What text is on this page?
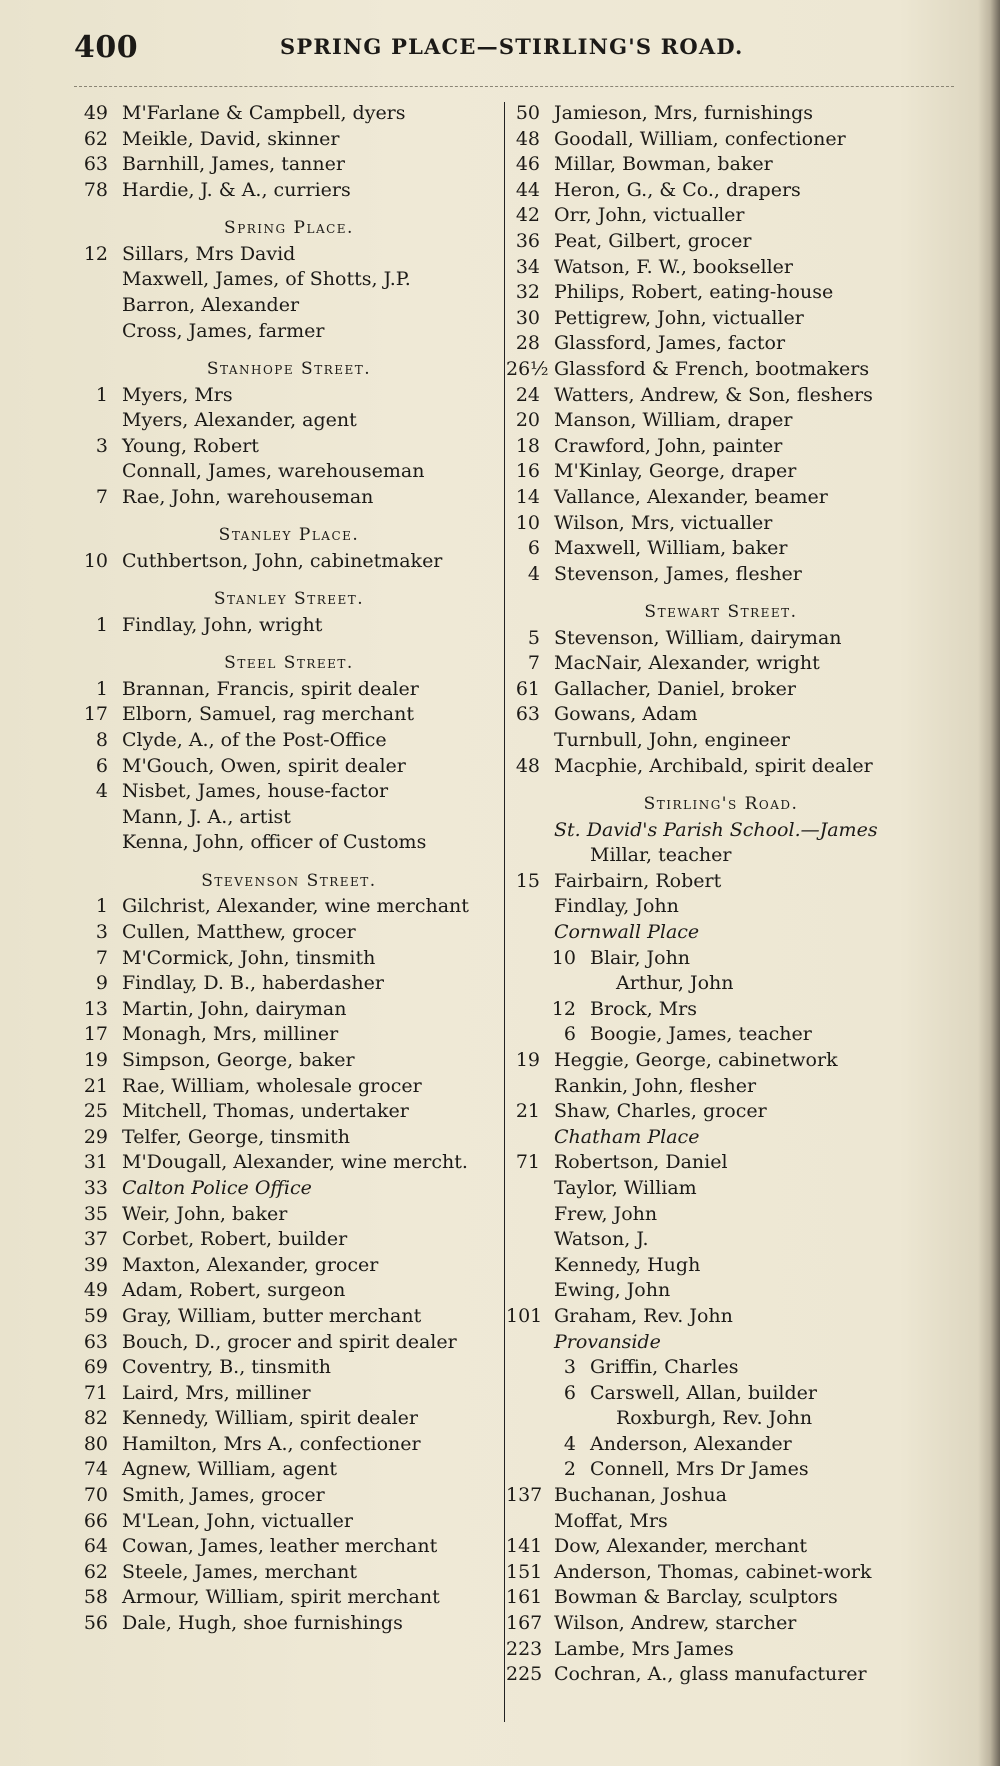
400	SPRING PLACE—STIRLING'S ROAD.
49 M'Farlane & Campbell, dyers
62 Meikle, David, skinner
63 Barnhill, James, tanner
78 Hardie, J. & A., curriers
Spring Place.
12 Sillars, Mrs David
Maxwell, James, of Shotts, J.P.
Barron, Alexander
Cross, James, farmer
Stanhope Street.
1 Myers, Mrs
Myers, Alexander, agent
3 Young, Robert
Connall, James, warehouseman
7 Rae, John, warehouseman
Stanley Place.
10 Cuthbertson, John, cabinetmaker
Stanley Street.
1 Findlay, John, wright
Steel Street.
1 Brannan, Francis, spirit dealer
17 Elborn, Samuel, rag merchant
8 Clyde, A., of the Post-Office
6 M'Gouch, Owen, spirit dealer
4 Nisbet, James, house-factor
Mann, J. A., artist
Kenna, John, officer of Customs
Stevenson Street.
1 Gilchrist, Alexander, wine merchant
3 Cullen, Matthew, grocer
7 M'Cormick, John, tinsmith
9 Findlay, D. B., haberdasher
13 Martin, John, dairyman
17 Monagh, Mrs, milliner
19 Simpson, George, baker
21 Rae, William, wholesale grocer
25 Mitchell, Thomas, undertaker
29 Telfer, George, tinsmith
31 M'Dougall, Alexander, wine mercht.
33 Calton Police Office
35 Weir, John, baker
37 Corbet, Robert, builder
39 Maxton, Alexander, grocer
49 Adam, Robert, surgeon
59 Gray, William, butter merchant
63 Bouch, D., grocer and spirit dealer
69 Coventry, B., tinsmith
71 Laird, Mrs, milliner
82 Kennedy, William, spirit dealer
80 Hamilton, Mrs A., confectioner
74 Agnew, William, agent
70 Smith, James, grocer
66 M'Lean, John, victualler
64 Cowan, James, leather merchant
62 Steele, James, merchant
58 Armour, William, spirit merchant
56 Dale, Hugh, shoe furnishings
50 Jamieson, Mrs, furnishings
48 Goodall, William, confectioner
46 Millar, Bowman, baker
44 Heron, G., & Co., drapers
42 Orr, John, victualler
36 Peat, Gilbert, grocer
34 Watson, F. W., bookseller
32 Philips, Robert, eating-house
30 Pettigrew, John, victualler
28 Glassford, James, factor
26½ Glassford & French, bootmakers
24 Watters, Andrew, & Son, fleshers
20 Manson, William, draper
18 Crawford, John, painter
16 M'Kinlay, George, draper
14 Vallance, Alexander, beamer
10 Wilson, Mrs, victualler
6 Maxwell, William, baker
4 Stevenson, James, flesher
Stewart Street.
5 Stevenson, William, dairyman
7 MacNair, Alexander, wright
61 Gallacher, Daniel, broker
63 Gowans, Adam
Turnbull, John, engineer
48 Macphie, Archibald, spirit dealer
Stirling's Road.
St. David's Parish School.—James
Millar, teacher
15 Fairbairn, Robert
Findlay, John
Cornwall Place
10 Blair, John
Arthur, John
12 Brock, Mrs
6 Boogie, James, teacher
19 Heggie, George, cabinetwork
Rankin, John, flesher
21 Shaw, Charles, grocer
Chatham Place
71 Robertson, Daniel
Taylor, William
Frew, John
Watson, J.
Kennedy, Hugh
Ewing, John
101 Graham, Rev. John
Provanside
3 Griffin, Charles
6 Carswell, Allan, builder
Roxburgh, Rev. John
4 Anderson, Alexander
2 Connell, Mrs Dr James
137 Buchanan, Joshua
Moffat, Mrs
141 Dow, Alexander, merchant
151 Anderson, Thomas, cabinet-work
161 Bowman & Barclay, sculptors
167 Wilson, Andrew, starcher
223 Lambe, Mrs James
225 Cochran, A., glass manufacturer
